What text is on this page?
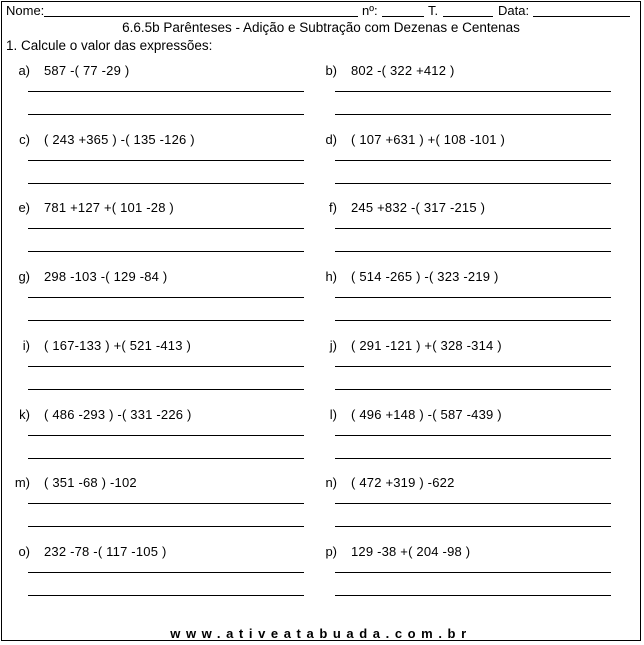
Nome:	nº:	T.	Data:
6.6.5b Parênteses - Adição e Subtração com Dezenas e Centenas
1. Calcule o valor das expressões:
a) 587 -( 77 -29 )	b) 802 -( 322 +412 )
c) ( 243 +365 ) -( 135 -126 )	d) ( 107 +631 ) +( 108 -101 )
e) 781 +127 +( 101 -28 )	f) 245 +832 -( 317 -215 )
g) 298 -103 -( 129 -84 )	h) ( 514 -265 ) -( 323 -219 )
i) ( 167-133 ) +( 521 -413 )	j) ( 291 -121 ) +( 328 -314 )
k) ( 486 -293 ) -( 331 -226 )	l) ( 496 +148 ) -( 587 -439 )
m) ( 351 -68 ) -102	n) ( 472 +319 ) -622
o) 232 -78 -( 117 -105 )	p) 129 -38 +( 204 -98 )
www.ativeatabuada.com.br
